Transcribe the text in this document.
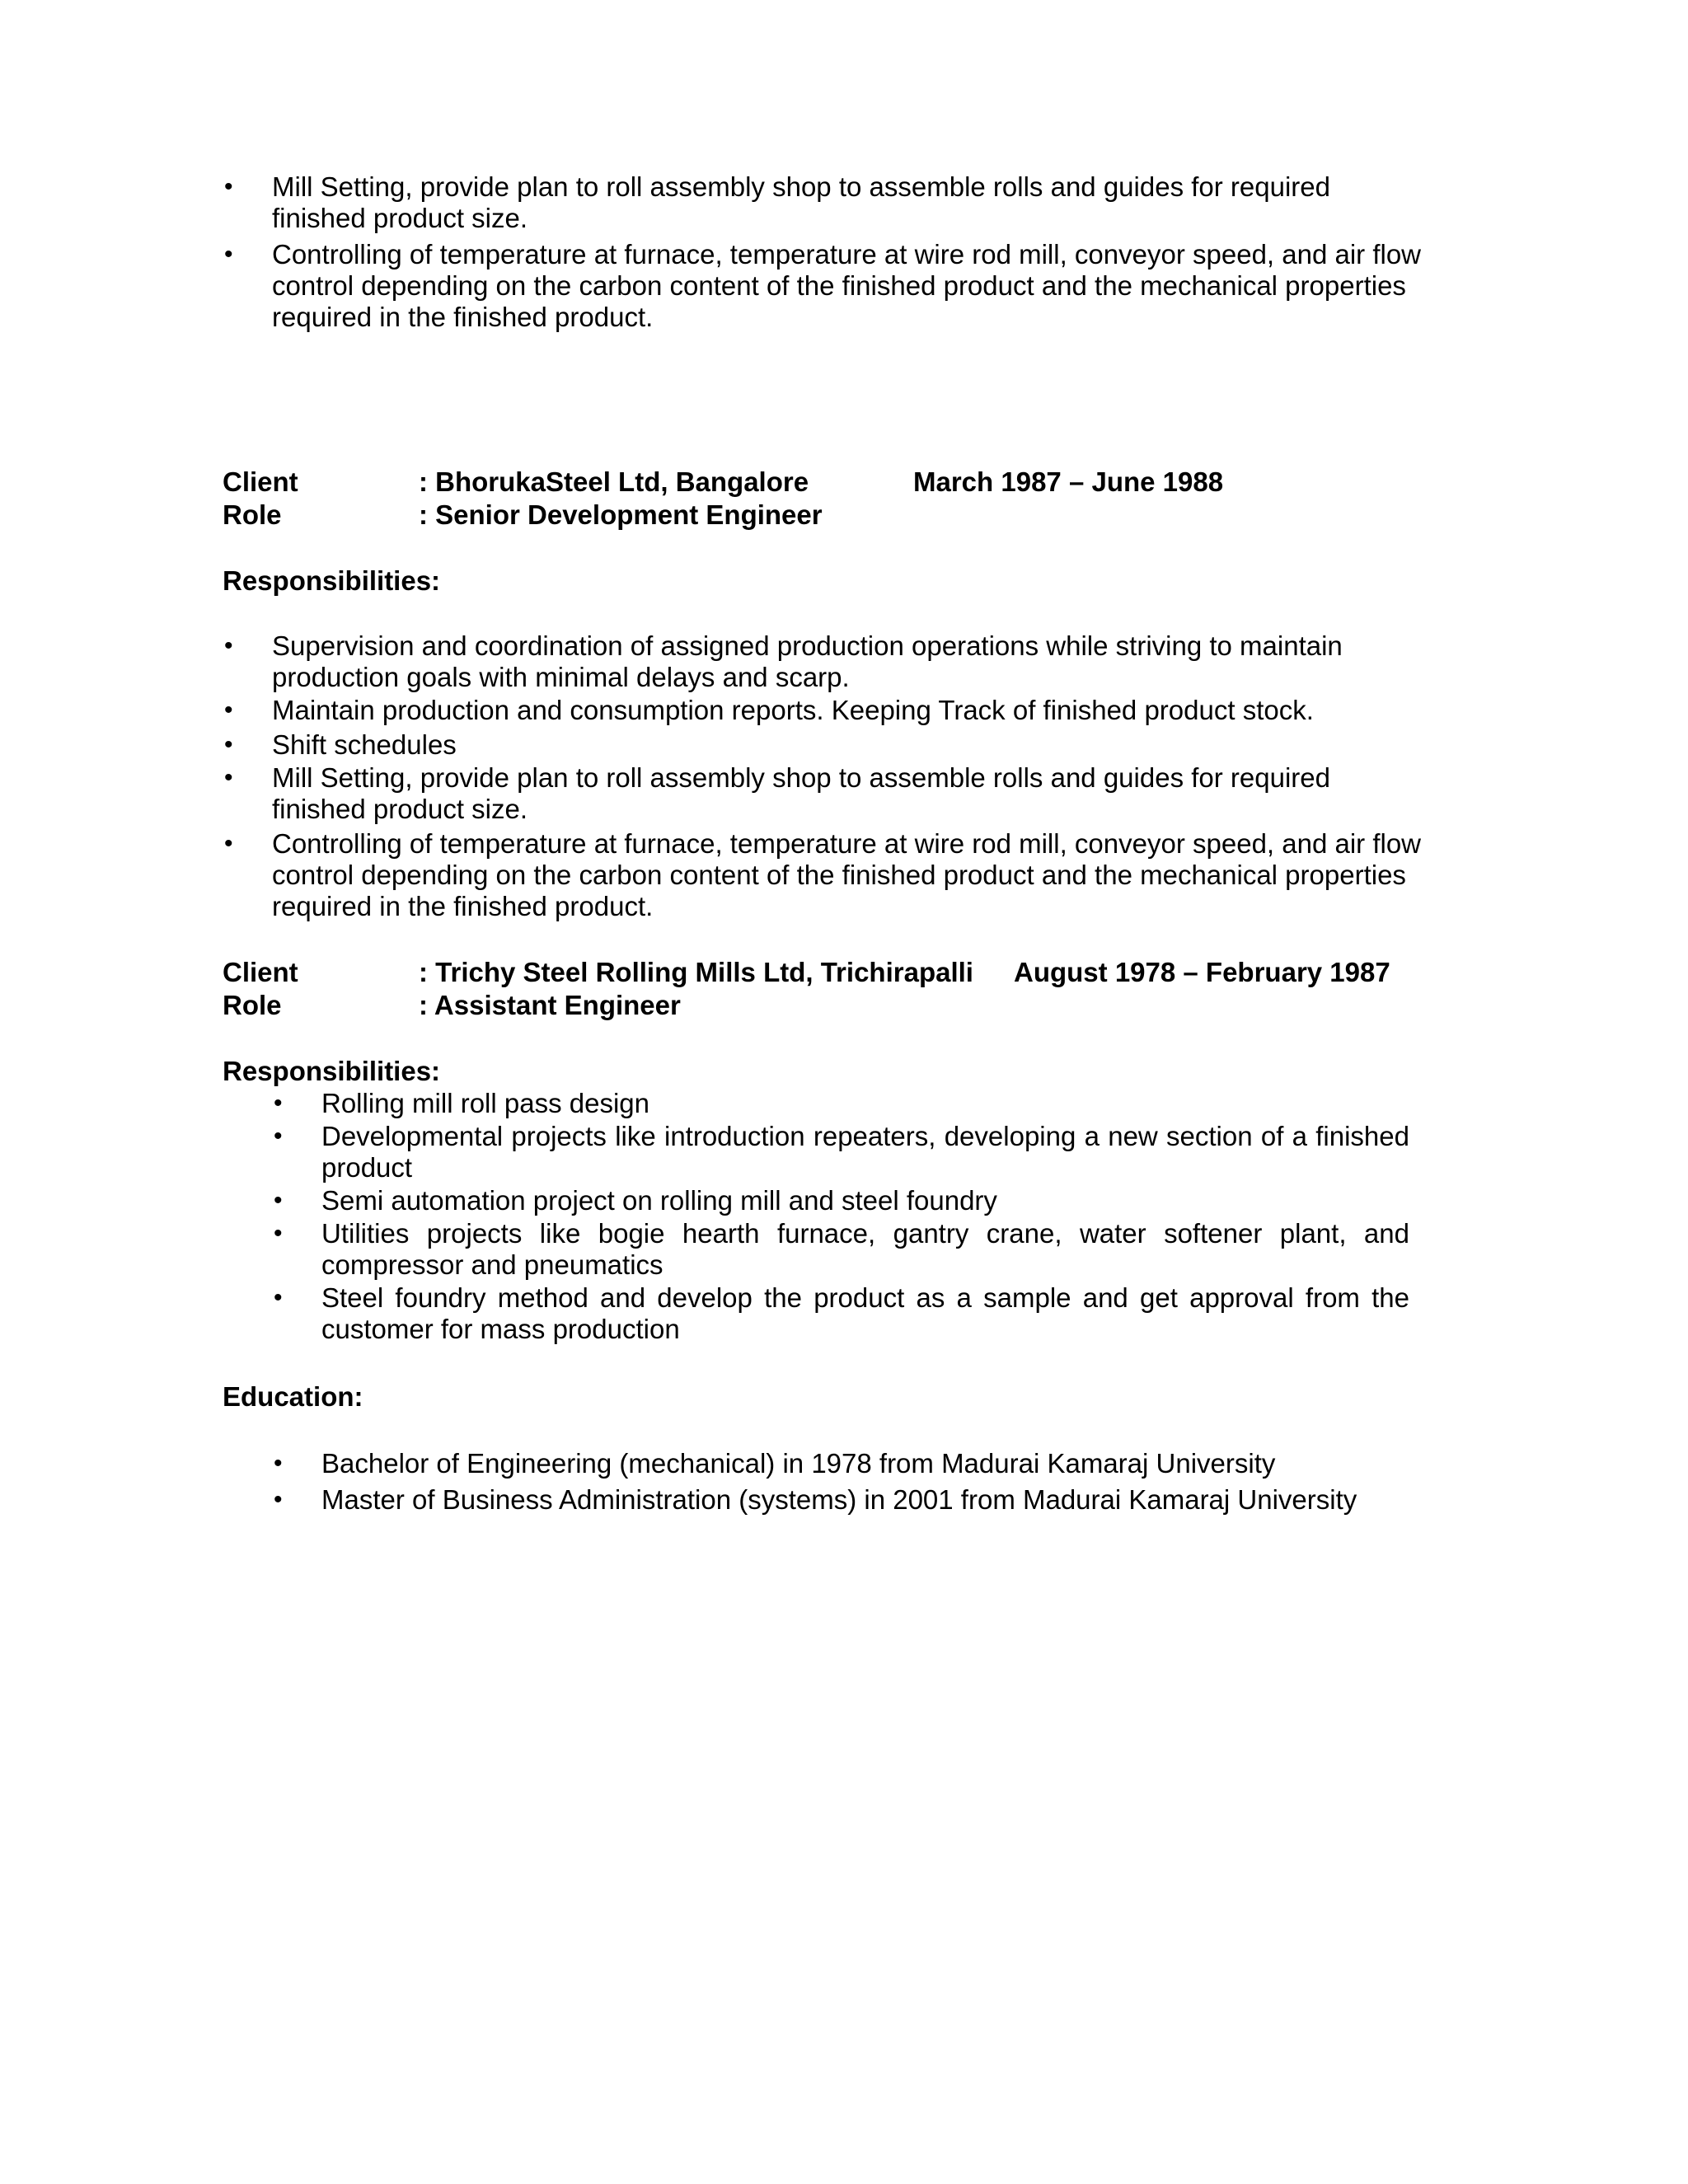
• Mill Setting, provide plan to roll assembly shop to assemble rolls and guides for required finished product size.
• Controlling of temperature at furnace, temperature at wire rod mill, conveyor speed, and air flow control depending on the carbon content of the finished product and the mechanical properties required in the finished product.
Client	: BhorukaSteel Ltd, Bangalore	March 1987 – June 1988
Role	: Senior Development Engineer
Responsibilities:
• Supervision and coordination of assigned production operations while striving to maintain production goals with minimal delays and scarp.
• Maintain production and consumption reports. Keeping Track of finished product stock.
• Shift schedules
• Mill Setting, provide plan to roll assembly shop to assemble rolls and guides for required finished product size.
• Controlling of temperature at furnace, temperature at wire rod mill, conveyor speed, and air flow control depending on the carbon content of the finished product and the mechanical properties required in the finished product.
Client	: Trichy Steel Rolling Mills Ltd, Trichirapalli August 1978 – February 1987
Role	: Assistant Engineer
Responsibilities:
• Rolling mill roll pass design
• Developmental projects like introduction repeaters, developing a new section of a finished product
• Semi automation project on rolling mill and steel foundry
• Utilities projects like bogie hearth furnace, gantry crane, water softener plant, and compressor and pneumatics
• Steel foundry method and develop the product as a sample and get approval from the customer for mass production
Education:
• Bachelor of Engineering (mechanical) in 1978 from Madurai Kamaraj University
• Master of Business Administration (systems) in 2001 from Madurai Kamaraj University
